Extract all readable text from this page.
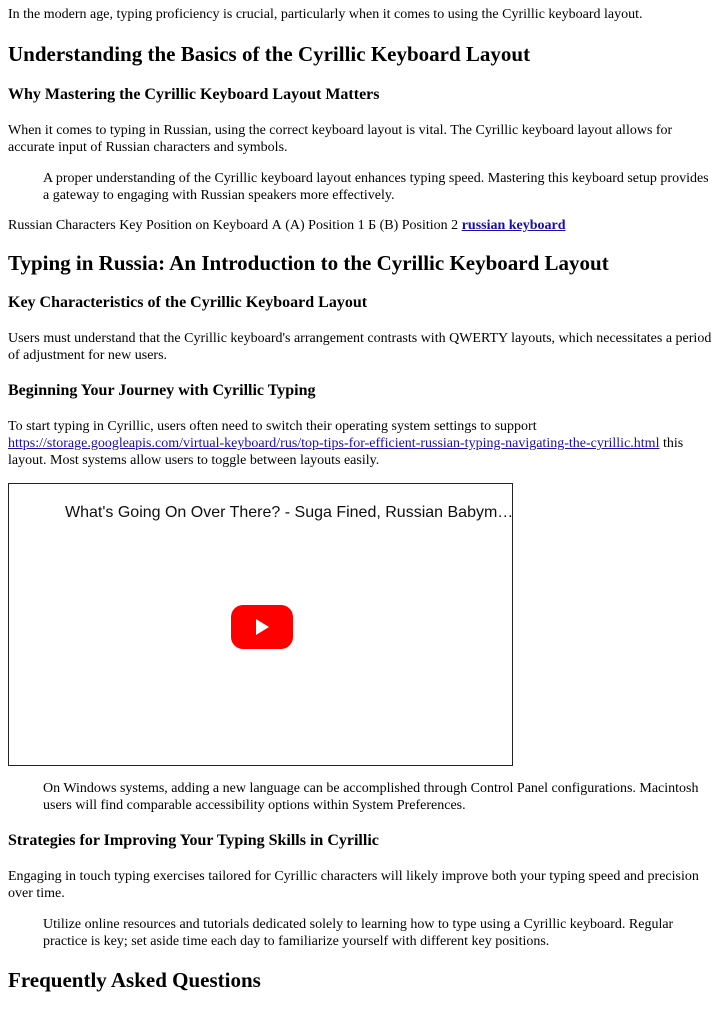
In the modern age, typing proficiency is crucial, particularly when it comes to using the Cyrillic keyboard layout.

Understanding the Basics of the Cyrillic Keyboard Layout
Why Mastering the Cyrillic Keyboard Layout Matters

When it comes to typing in Russian, using the correct keyboard layout is vital. The Cyrillic keyboard layout allows for accurate input of Russian characters and symbols.

A proper understanding of the Cyrillic keyboard layout enhances typing speed. Mastering this keyboard setup provides a gateway to engaging with Russian speakers more effectively.

Russian Characters Key Position on Keyboard А (A) Position 1 Б (B) Position 2 russian keyboard

Typing in Russia: An Introduction to the Cyrillic Keyboard Layout
Key Characteristics of the Cyrillic Keyboard Layout

Users must understand that the Cyrillic keyboard's arrangement contrasts with QWERTY layouts, which necessitates a period of adjustment for new users.

Beginning Your Journey with Cyrillic Typing

To start typing in Cyrillic, users often need to switch their operating system settings to support https://storage.googleapis.com/virtual-keyboard/rus/top-tips-for-efficient-russian-typing-navigating-the-cyrillic.html this layout. Most systems allow users to toggle between layouts easily.

What's Going On Over There? - Suga Fined, Russian Babym…
On Windows systems, adding a new language can be accomplished through Control Panel configurations. Macintosh users will find comparable accessibility options within System Preferences.
Strategies for Improving Your Typing Skills in Cyrillic

Engaging in touch typing exercises tailored for Cyrillic characters will likely improve both your typing speed and precision over time.

Utilize online resources and tutorials dedicated solely to learning how to type using a Cyrillic keyboard. Regular practice is key; set aside time each day to familiarize yourself with different key positions.
Frequently Asked Questions
